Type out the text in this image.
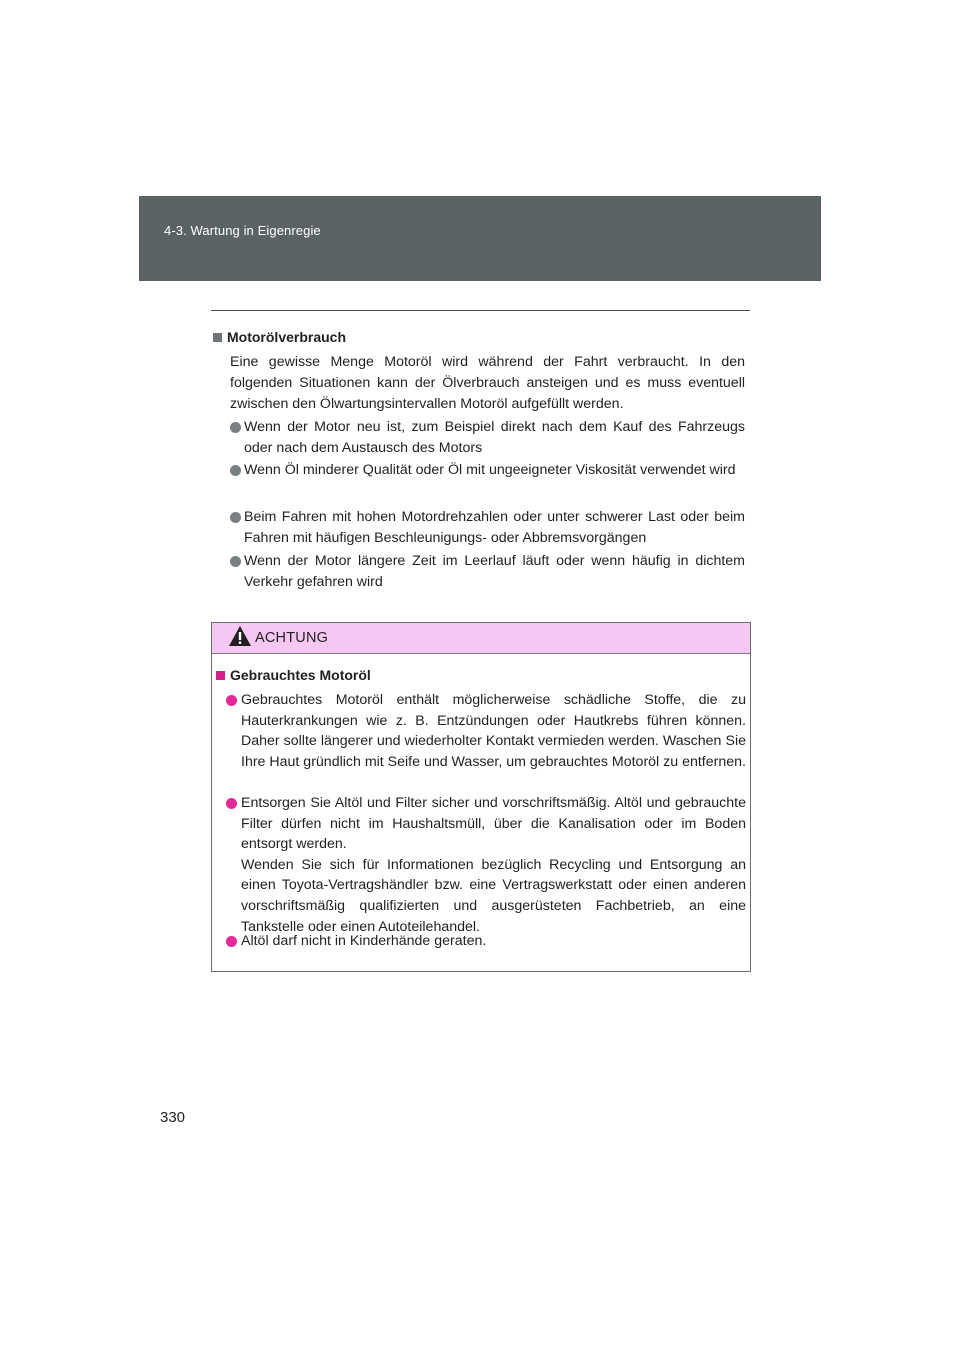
4-3. Wartung in Eigenregie
Motorölverbrauch
Eine gewisse Menge Motoröl wird während der Fahrt verbraucht. In den folgenden Situationen kann der Ölverbrauch ansteigen und es muss eventuell zwischen den Ölwartungsintervallen Motoröl aufgefüllt werden.
Wenn der Motor neu ist, zum Beispiel direkt nach dem Kauf des Fahrzeugs oder nach dem Austausch des Motors
Wenn Öl minderer Qualität oder Öl mit ungeeigneter Viskosität verwendet wird
Beim Fahren mit hohen Motordrehzahlen oder unter schwerer Last oder beim Fahren mit häufigen Beschleunigungs- oder Abbremsvorgängen
Wenn der Motor längere Zeit im Leerlauf läuft oder wenn häufig in dichtem Verkehr gefahren wird
ACHTUNG
Gebrauchtes Motoröl
Gebrauchtes Motoröl enthält möglicherweise schädliche Stoffe, die zu Hauterkrankungen wie z. B. Entzündungen oder Hautkrebs führen können. Daher sollte längerer und wiederholter Kontakt vermieden werden. Waschen Sie Ihre Haut gründlich mit Seife und Wasser, um gebrauchtes Motoröl zu entfernen.
Entsorgen Sie Altöl und Filter sicher und vorschriftsmäßig. Altöl und gebrauchte Filter dürfen nicht im Haushaltsmüll, über die Kanalisation oder im Boden entsorgt werden.
Wenden Sie sich für Informationen bezüglich Recycling und Entsorgung an einen Toyota-Vertragshändler bzw. eine Vertragswerkstatt oder einen anderen vorschriftsmäßig qualifizierten und ausgerüsteten Fachbetrieb, an eine Tankstelle oder einen Autoteilehandel.
Altöl darf nicht in Kinderhände geraten.
330
